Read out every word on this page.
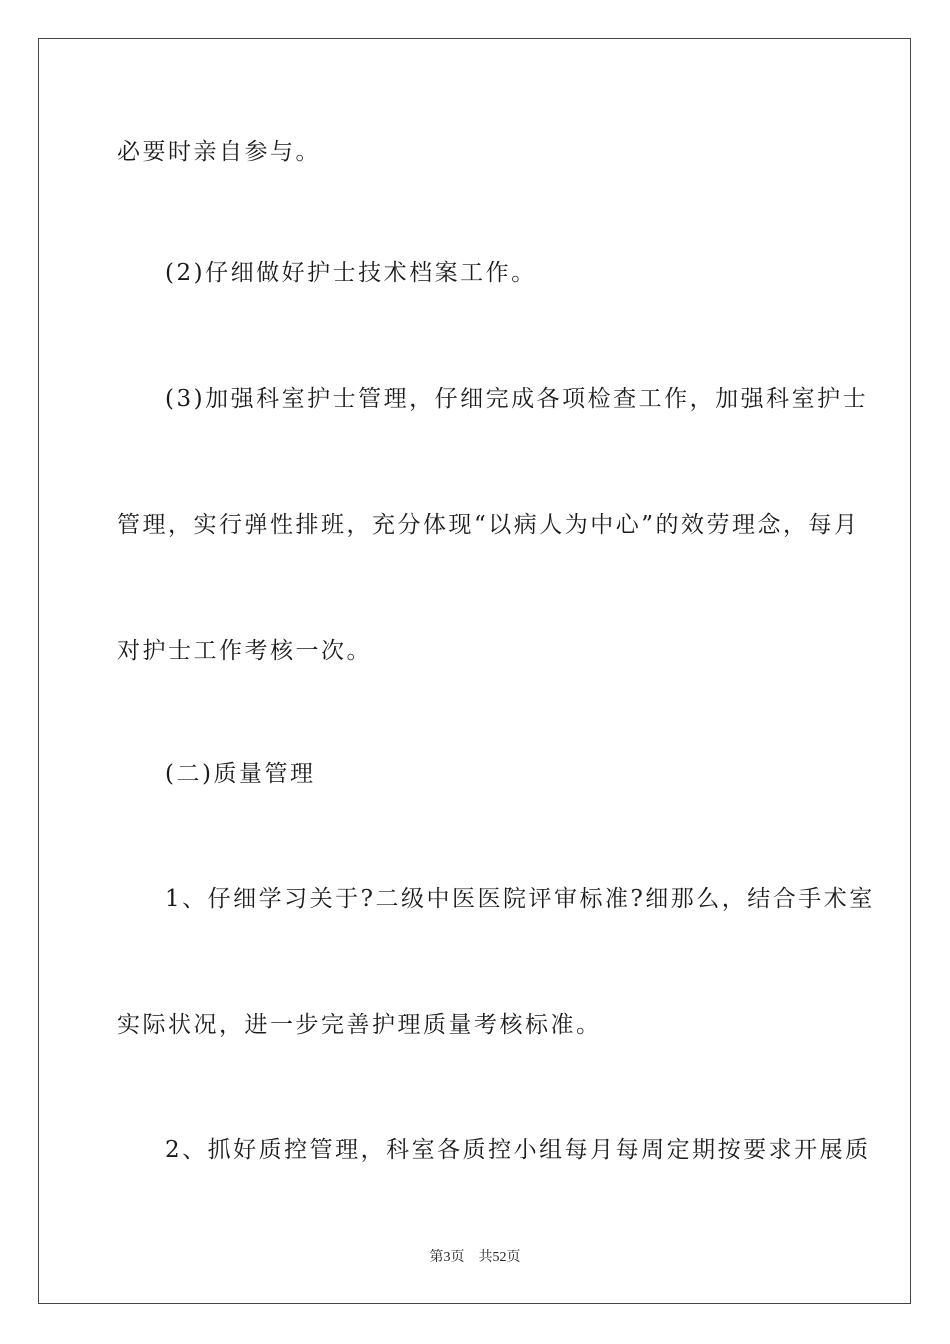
必要时亲自参与。
(2)仔细做好护士技术档案工作。
(3)加强科室护士管理，仔细完成各项检查工作，加强科室护士
管理，实行弹性排班，充分体现“以病人为中心”的效劳理念，每月
对护士工作考核一次。
(二)质量管理
1、仔细学习关于?二级中医医院评审标准?细那么，结合手术室
实际状况，进一步完善护理质量考核标准。
2、抓好质控管理，科室各质控小组每月每周定期按要求开展质
第3页　共52页
